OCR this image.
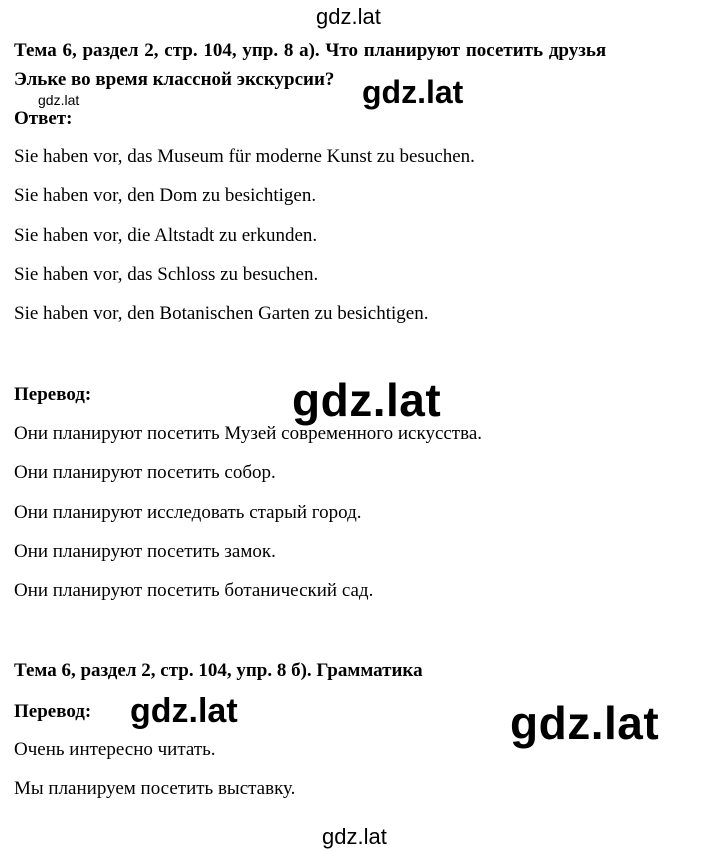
gdz.lat
Тема 6, раздел 2, стр. 104, упр. 8 а). Что планируют посетить друзья
Эльке во время классной экскурсии?
gdz.lat	gdz.lat
Ответ:
Sie haben vor, das Museum für moderne Kunst zu besuchen.
Sie haben vor, den Dom zu besichtigen.
Sie haben vor, die Altstadt zu erkunden.
Sie haben vor, das Schloss zu besuchen.
Sie haben vor, den Botanischen Garten zu besichtigen.
Перевод:	gdz.lat
Они планируют посетить Музей современного искусства.
Они планируют посетить собор.
Они планируют исследовать старый город.
Они планируют посетить замок.
Они планируют посетить ботанический сад.
Тема 6, раздел 2, стр. 104, упр. 8 б). Грамматика
Перевод: gdz.lat	gdz.lat
Очень интересно читать.
Мы планируем посетить выставку.
gdz.lat
